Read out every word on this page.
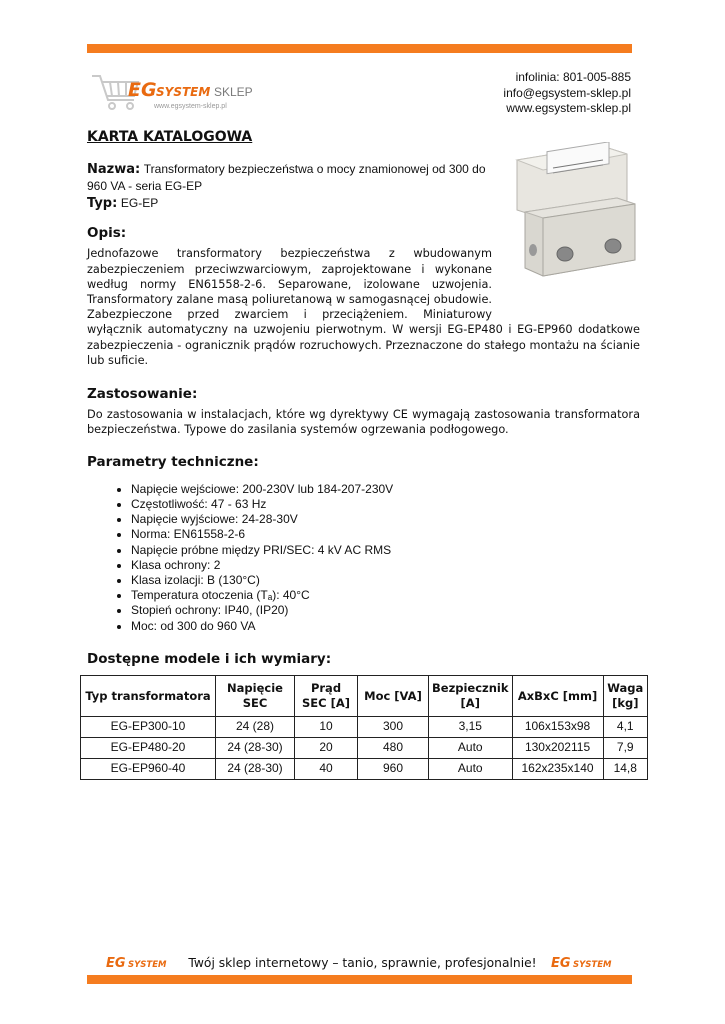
EG SYSTEM SKLEP
www.egsystem-sklep.pl
infolinia: 801-005-885
info@egsystem-sklep.pl
www.egsystem-sklep.pl
KARTA KATALOGOWA
Nazwa: Transformatory bezpieczeństwa o mocy znamionowej od 300 do 960 VA - seria EG-EP
Typ: EG-EP
Opis:

Jednofazowe transformatory bezpieczeństwa z wbudowanym zabezpieczeniem przeciwzwarciowym, zaprojektowane i wykonane według normy EN61558-2-6. Separowane, izolowane uzwojenia. Transformatory zalane masą poliuretanową w samogasnącej obudowie. Zabezpieczone przed zwarciem i przeciążeniem. Miniaturowy wyłącznik automatyczny na uzwojeniu pierwotnym. W wersji EG-EP480 i EG-EP960 dodatkowe zabezpieczenia - ogranicznik prądów rozruchowych. Przeznaczone do stałego montażu na ścianie lub suficie.

Zastosowanie:

Do zastosowania w instalacjach, które wg dyrektywy CE wymagają zastosowania transformatora bezpieczeństwa. Typowe do zasilania systemów ogrzewania podłogowego.

Parametry techniczne:
• Napięcie wejściowe: 200-230V lub 184-207-230V
• Częstotliwość: 47 - 63 Hz
• Napięcie wyjściowe: 24-28-30V
• Norma: EN61558-2-6
• Napięcie próbne między PRI/SEC: 4 kV AC RMS
• Klasa ochrony: 2
• Klasa izolacji: B (130°C)
• Temperatura otoczenia (Tₐ): 40°C
• Stopień ochrony: IP40, (IP20)
• Moc: od 300 do 960 VA
Dostępne modele i ich wymiary:
Typ transformatora	Napięcie SEC	Prąd SEC [A]	Moc [VA]	Bezpiecznik [A]	AxBxC [mm]	Waga [kg]
EG-EP300-10	24 (28)	10	300	3,15	106x153x98	4,1
EG-EP480-20	24 (28-30)	20	480	Auto	130x202115	7,9
EG-EP960-40	24 (28-30)	40	960	Auto	162x235x140	14,8
EG SYSTEM	Twój sklep internetowy – tanio, sprawnie, profesjonalnie!	EG SYSTEM
